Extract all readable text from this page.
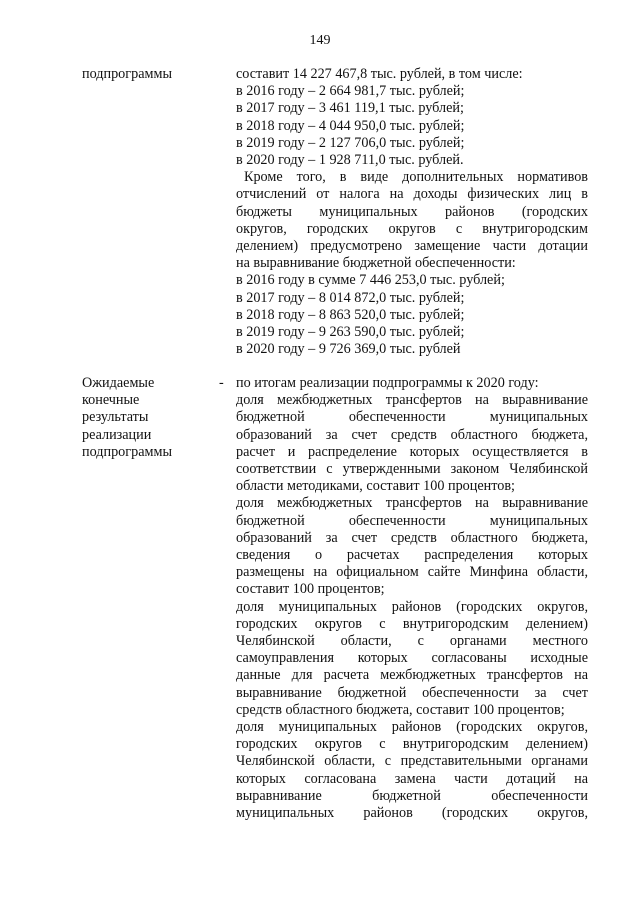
149
подпрограммы	составит 14 227 467,8 тыс. рублей, в том числе:
в 2016 году – 2 664 981,7 тыс. рублей;
в 2017 году – 3 461 119,1 тыс. рублей;
в 2018 году – 4 044 950,0 тыс. рублей;
в 2019 году – 2 127 706,0 тыс. рублей;
в 2020 году – 1 928 711,0 тыс. рублей.
Кроме того, в виде дополнительных нормативов
отчислений от налога на доходы физических лиц в
бюджеты муниципальных районов (городских
округов, городских округов с внутригородским
делением) предусмотрено замещение части дотации
на выравнивание бюджетной обеспеченности:
в 2016 году в сумме 7 446 253,0 тыс. рублей;
в 2017 году – 8 014 872,0 тыс. рублей;
в 2018 году – 8 863 520,0 тыс. рублей;
в 2019 году – 9 263 590,0 тыс. рублей;
в 2020 году – 9 726 369,0 тыс. рублей
Ожидаемые
конечные
результаты
реализации
подпрограммы
- по итогам реализации подпрограммы к 2020 году:
доля межбюджетных трансфертов на выравнивание
бюджетной обеспеченности муниципальных
образований за счет средств областного бюджета,
расчет и распределение которых осуществляется в
соответствии с утвержденными законом Челябинской
области методиками, составит 100 процентов;
доля межбюджетных трансфертов на выравнивание
бюджетной обеспеченности муниципальных
образований за счет средств областного бюджета,
сведения о расчетах распределения которых
размещены на официальном сайте Минфина области,
составит 100 процентов;
доля муниципальных районов (городских округов,
городских округов с внутригородским делением)
Челябинской области, с органами местного
самоуправления которых согласованы исходные
данные для расчета межбюджетных трансфертов на
выравнивание бюджетной обеспеченности за счет
средств областного бюджета, составит 100 процентов;
доля муниципальных районов (городских округов,
городских округов с внутригородским делением)
Челябинской области, с представительными органами
которых согласована замена части дотаций на
выравнивание бюджетной обеспеченности
муниципальных районов (городских округов,
